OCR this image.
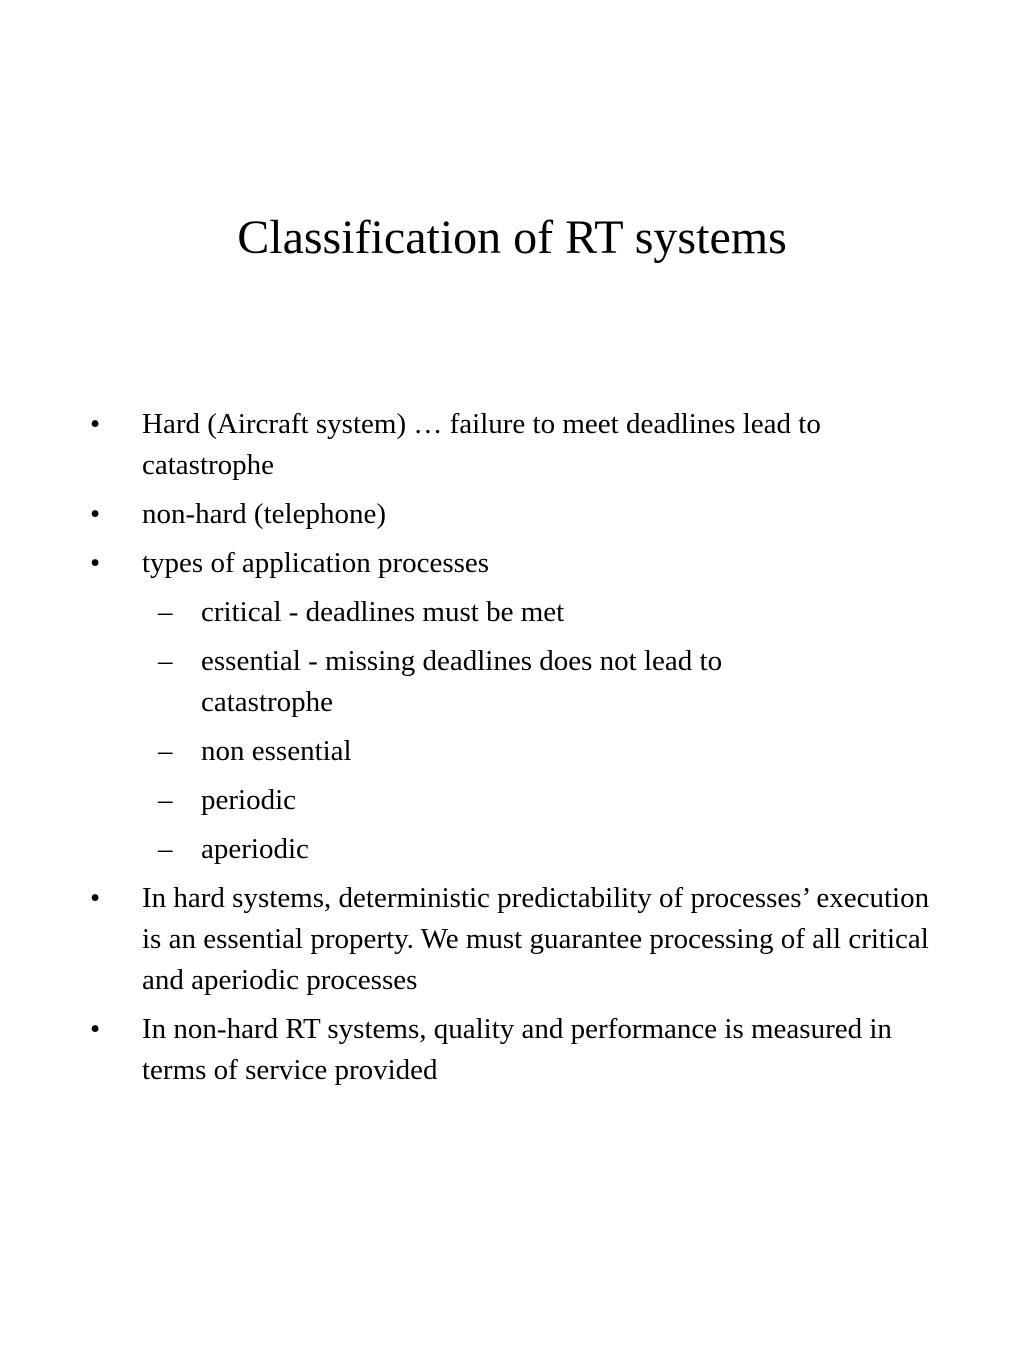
Classification of RT systems
• Hard (Aircraft system) … failure to meet deadlines lead to catastrophe
• non-hard (telephone)
• types of application processes
– critical - deadlines must be met
– essential - missing deadlines does not lead to catastrophe
– non essential
– periodic
– aperiodic
• In hard systems, deterministic predictability of processes’ execution is an essential property. We must guarantee processing of all critical and aperiodic processes
• In non-hard RT systems, quality and performance is measured in terms of service provided
